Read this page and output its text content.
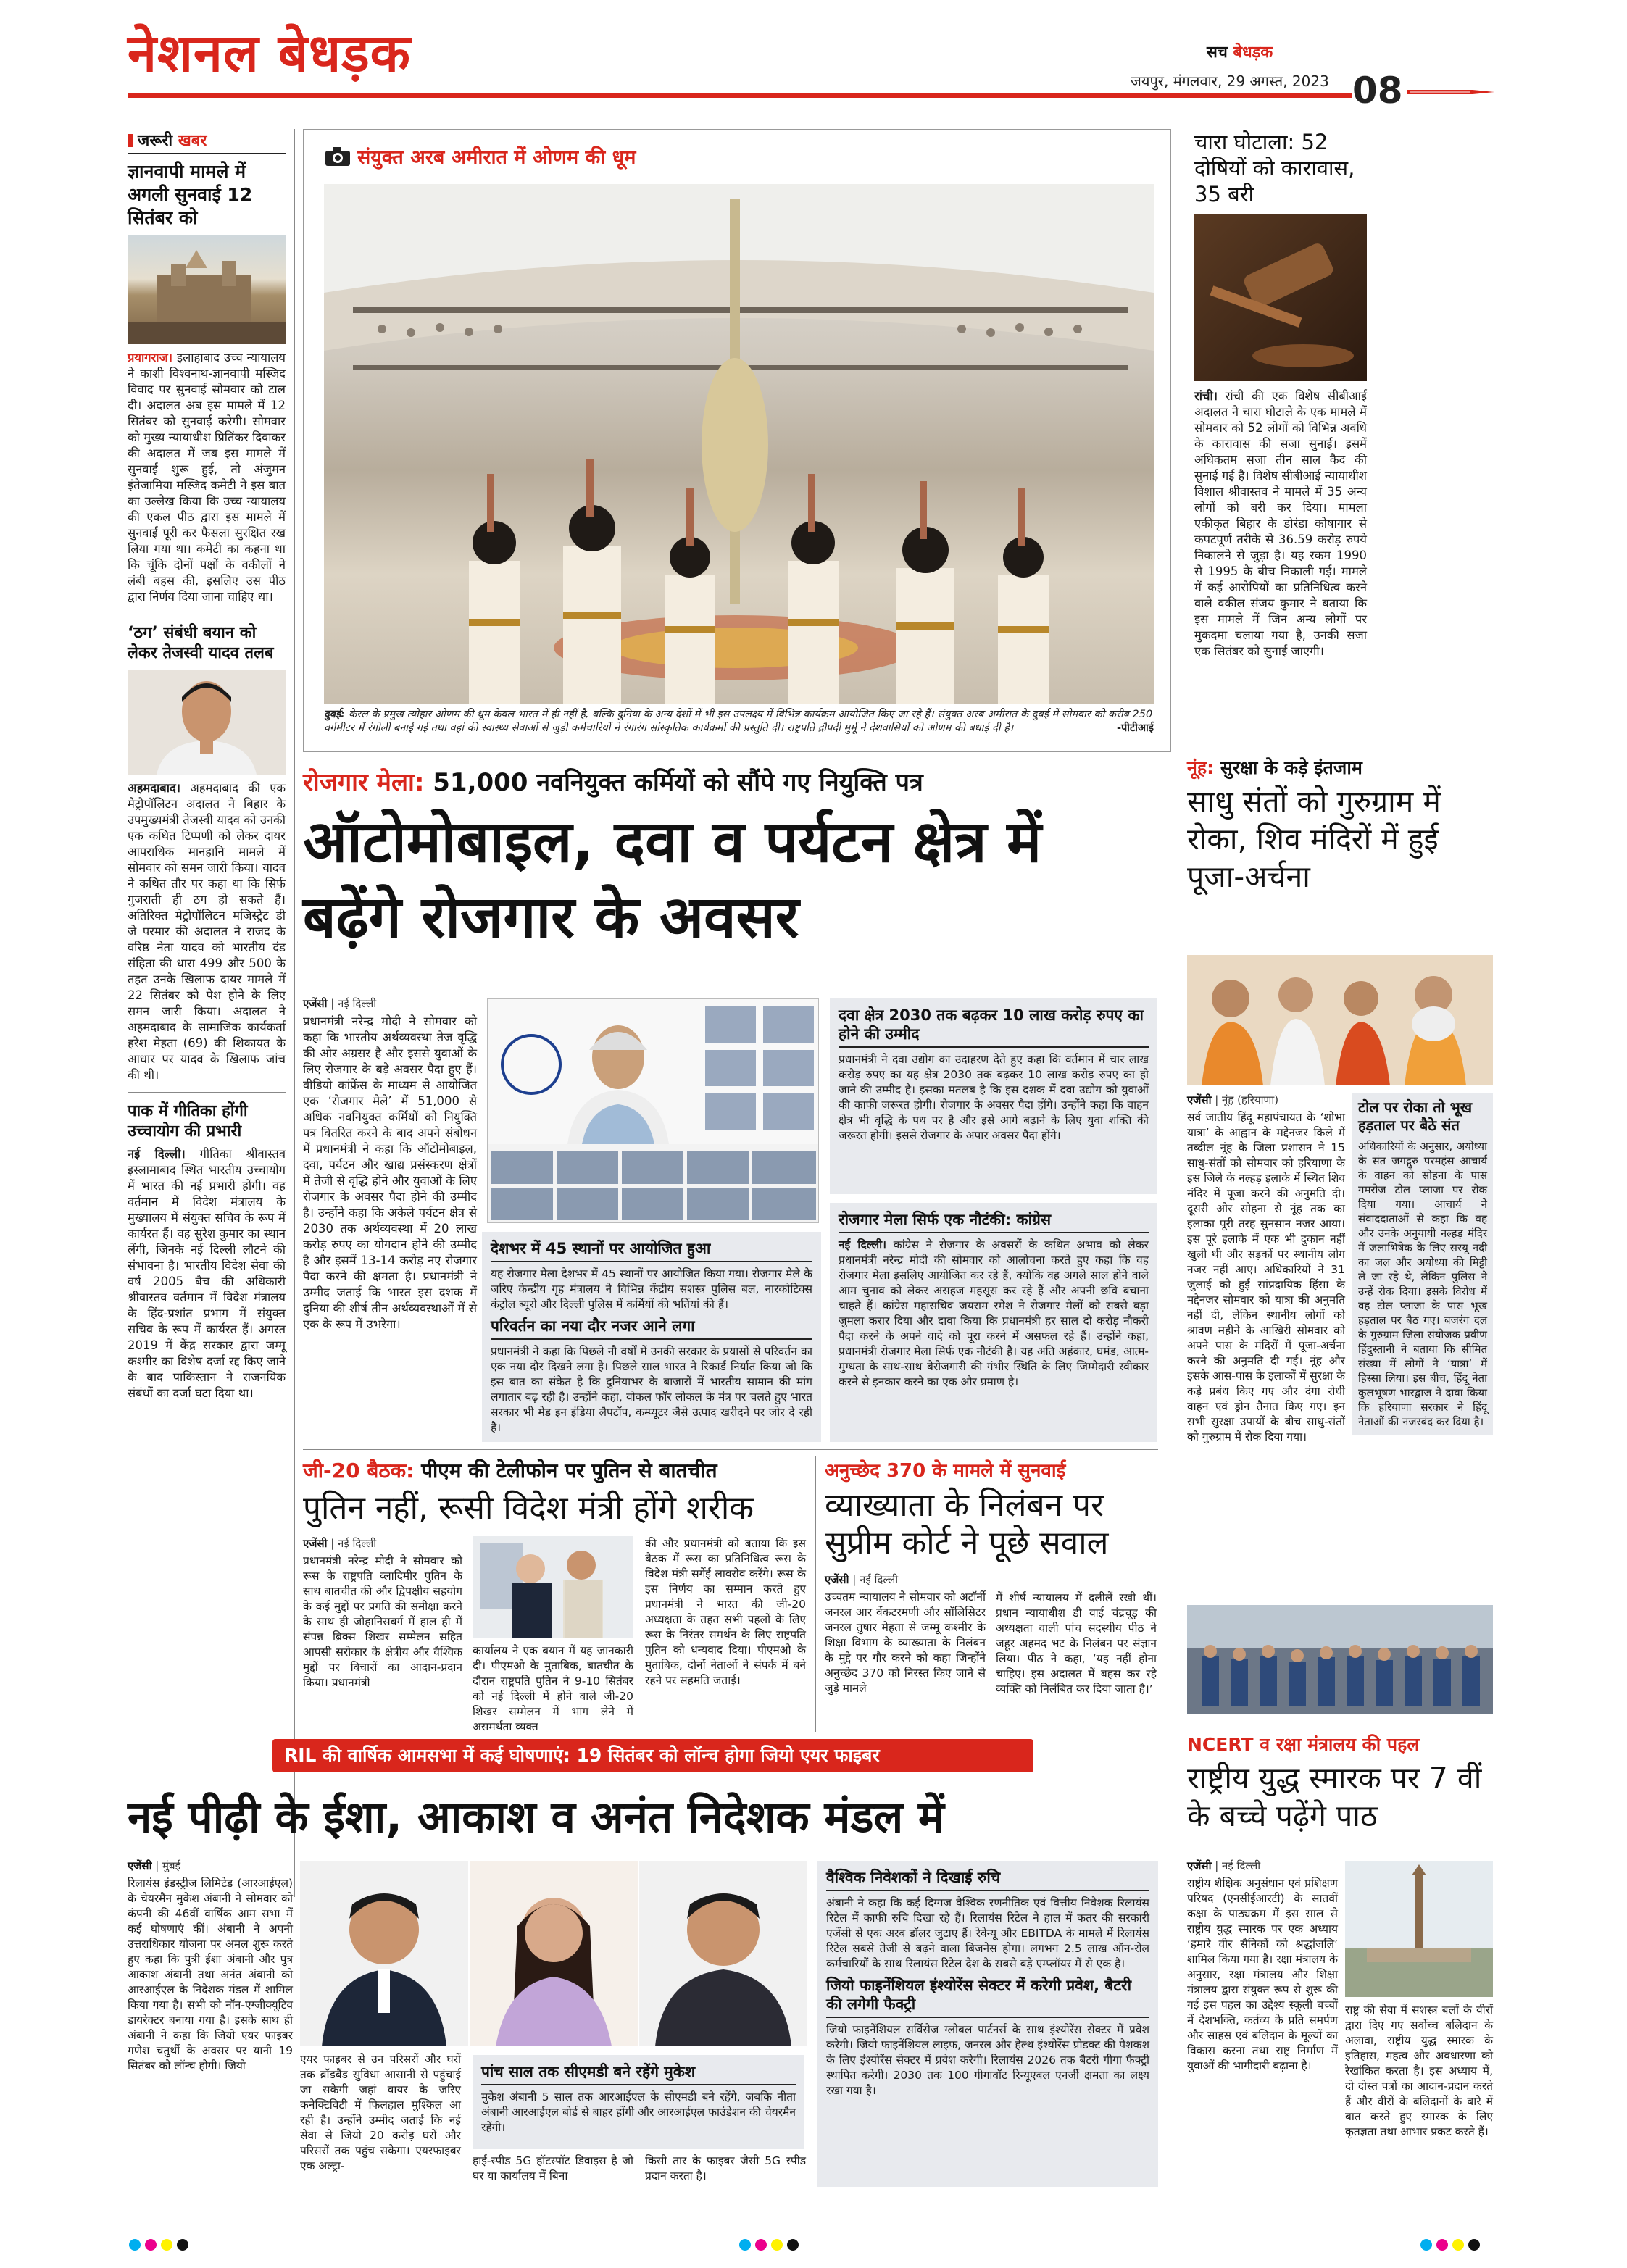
नेशनल बेधड़क	सच बेधड़क
जयपुर, मंगलवार, 29 अगस्त, 2023 08
जरूरी खबर
ज्ञानवापी मामले में अगली सुनवाई 12 सितंबर को
प्रयागराज। इलाहाबाद उच्च न्यायालय ने काशी विश्वनाथ-ज्ञानवापी मस्जिद विवाद पर सुनवाई सोमवार को टाल दी। अदालत अब इस मामले में 12 सितंबर को सुनवाई करेगी। सोमवार को मुख्य न्यायाधीश प्रितिंकर दिवाकर की अदालत में जब इस मामले में सुनवाई शुरू हुई, तो अंजुमन इंतेजामिया मस्जिद कमेटी ने इस बात का उल्लेख किया कि उच्च न्यायालय की एकल पीठ द्वारा इस मामले में सुनवाई पूरी कर फैसला सुरक्षित रख लिया गया था। कमेटी का कहना था कि चूंकि दोनों पक्षों के वकीलों ने लंबी बहस की, इसलिए उस पीठ द्वारा निर्णय दिया जाना चाहिए था।
‘ठग’ संबंधी बयान को लेकर तेजस्वी यादव तलब
अहमदाबाद। अहमदाबाद की एक मेट्रोपॉलिटन अदालत ने बिहार के उपमुख्यमंत्री तेजस्वी यादव को उनकी एक कथित टिप्पणी को लेकर दायर आपराधिक मानहानि मामले में सोमवार को समन जारी किया। यादव ने कथित तौर पर कहा था कि सिर्फ गुजराती ही ठग हो सकते हैं। अतिरिक्त मेट्रोपॉलिटन मजिस्ट्रेट डी जे परमार की अदालत ने राजद के वरिष्ठ नेता यादव को भारतीय दंड संहिता की धारा 499 और 500 के तहत उनके खिलाफ दायर मामले में 22 सितंबर को पेश होने के लिए समन जारी किया। अदालत ने अहमदाबाद के सामाजिक कार्यकर्ता हरेश मेहता (69) की शिकायत के आधार पर यादव के खिलाफ जांच की थी।
पाक में गीतिका होंगी उच्चायोग की प्रभारी
नई दिल्ली। गीतिका श्रीवास्तव इस्लामाबाद स्थित भारतीय उच्चायोग में भारत की नई प्रभारी होंगी। वह वर्तमान में विदेश मंत्रालय के मुख्यालय में संयुक्त सचिव के रूप में कार्यरत हैं। वह सुरेश कुमार का स्थान लेंगी, जिनके नई दिल्ली लौटने की संभावना है। भारतीय विदेश सेवा की वर्ष 2005 बैच की अधिकारी श्रीवास्तव वर्तमान में विदेश मंत्रालय के हिंद-प्रशांत प्रभाग में संयुक्त सचिव के रूप में कार्यरत हैं। अगस्त 2019 में केंद्र सरकार द्वारा जम्मू कश्मीर का विशेष दर्जा रद्द किए जाने के बाद पाकिस्तान ने राजनयिक संबंधों का दर्जा घटा दिया था।
संयुक्त अरब अमीरात में ओणम की धूम
दुबई: केरल के प्रमुख त्योहार ओणम की धूम केवल भारत में ही नहीं है, बल्कि दुनिया के अन्य देशों में भी इस उपलक्ष्य में विभिन्न कार्यक्रम आयोजित किए जा रहे हैं। संयुक्त अरब अमीरात के दुबई में सोमवार को करीब 250 वर्गमीटर में रंगोली बनाई गई तथा वहां की स्वास्थ्य सेवाओं से जुड़ी कर्मचारियों ने रंगारंग सांस्कृतिक कार्यक्रमों की प्रस्तुति दी। राष्ट्रपति द्रौपदी मुर्मू ने देशवासियों को ओणम की बधाई दी है।	-पीटीआई
चारा घोटाला: 52 दोषियों को कारावास, 35 बरी
रांची। रांची की एक विशेष सीबीआई अदालत ने चारा घोटाले के एक मामले में सोमवार को 52 लोगों को विभिन्न अवधि के कारावास की सजा सुनाई। इसमें अधिकतम सजा तीन साल कैद की सुनाई गई है। विशेष सीबीआई न्यायाधीश विशाल श्रीवास्तव ने मामले में 35 अन्य लोगों को बरी कर दिया। मामला एकीकृत बिहार के डोरंडा कोषागार से कपटपूर्ण तरीके से 36.59 करोड़ रुपये निकालने से जुड़ा है। यह रकम 1990 से 1995 के बीच निकाली गई। मामले में कई आरोपियों का प्रतिनिधित्व करने वाले वकील संजय कुमार ने बताया कि इस मामले में जिन अन्य लोगों पर मुकदमा चलाया गया है, उनकी सजा एक सितंबर को सुनाई जाएगी।
रोजगार मेला: 51,000 नवनियुक्त कर्मियों को सौंपे गए नियुक्ति पत्र
ऑटोमोबाइल, दवा व पर्यटन क्षेत्र में बढ़ेंगे रोजगार के अवसर
एजेंसी | नई दिल्ली
प्रधानमंत्री नरेन्द्र मोदी ने सोमवार को कहा कि भारतीय अर्थव्यवस्था तेज वृद्धि की ओर अग्रसर है और इससे युवाओं के लिए रोजगार के बड़े अवसर पैदा हुए हैं। वीडियो कांफ्रेंस के माध्यम से आयोजित एक ‘रोजगार मेले’ में 51,000 से अधिक नवनियुक्त कर्मियों को नियुक्ति पत्र वितरित करने के बाद अपने संबोधन में प्रधानमंत्री ने कहा कि ऑटोमोबाइल, दवा, पर्यटन और खाद्य प्रसंस्करण क्षेत्रों में तेजी से वृद्धि होने और युवाओं के लिए रोजगार के अवसर पैदा होने की उम्मीद है। उन्होंने कहा कि अकेले पर्यटन क्षेत्र से 2030 तक अर्थव्यवस्था में 20 लाख करोड़ रुपए का योगदान होने की उम्मीद है और इसमें 13-14 करोड़ नए रोजगार पैदा करने की क्षमता है। प्रधानमंत्री ने उम्मीद जताई कि भारत इस दशक में दुनिया की शीर्ष तीन अर्थव्यवस्थाओं में से एक के रूप में उभरेगा।
दवा क्षेत्र 2030 तक बढ़कर 10 लाख करोड़ रुपए का होने की उम्मीद
प्रधानमंत्री ने दवा उद्योग का उदाहरण देते हुए कहा कि वर्तमान में चार लाख करोड़ रुपए का यह क्षेत्र 2030 तक बढ़कर 10 लाख करोड़ रुपए का हो जाने की उम्मीद है। इसका मतलब है कि इस दशक में दवा उद्योग को युवाओं की काफी जरूरत होगी। रोजगार के अवसर पैदा होंगे। उन्होंने कहा कि वाहन क्षेत्र भी वृद्धि के पथ पर है और इसे आगे बढ़ाने के लिए युवा शक्ति की जरूरत होगी। इससे रोजगार के अपार अवसर पैदा होंगे।
रोजगार मेला सिर्फ एक नौटंकी: कांग्रेस
नई दिल्ली। कांग्रेस ने रोजगार के अवसरों के कथित अभाव को लेकर प्रधानमंत्री नरेन्द्र मोदी की सोमवार को आलोचना करते हुए कहा कि वह रोजगार मेला इसलिए आयोजित कर रहे हैं, क्योंकि वह अगले साल होने वाले आम चुनाव को लेकर असहज महसूस कर रहे हैं और अपनी छवि बचाना चाहते हैं। कांग्रेस महासचिव जयराम रमेश ने रोजगार मेलों को सबसे बड़ा जुमला करार दिया और दावा किया कि प्रधानमंत्री हर साल दो करोड़ नौकरी पैदा करने के अपने वादे को पूरा करने में असफल रहे हैं। उन्होंने कहा, प्रधानमंत्री रोजगार मेला सिर्फ एक नौटंकी है। यह अति अहंकार, घमंड, आत्म-मुग्धता के साथ-साथ बेरोजगारी की गंभीर स्थिति के लिए जिम्मेदारी स्वीकार करने से इनकार करने का एक और प्रमाण है।
देशभर में 45 स्थानों पर आयोजित हुआ
यह रोजगार मेला देशभर में 45 स्थानों पर आयोजित किया गया। रोजगार मेले के जरिए केन्द्रीय गृह मंत्रालय ने विभिन्न केंद्रीय सशस्त्र पुलिस बल, नारकोटिक्स कंट्रोल ब्यूरो और दिल्ली पुलिस में कर्मियों की भर्तियां की हैं।
परिवर्तन का नया दौर नजर आने लगा
प्रधानमंत्री ने कहा कि पिछले नौ वर्षों में उनकी सरकार के प्रयासों से परिवर्तन का एक नया दौर दिखने लगा है। पिछले साल भारत ने रिकार्ड निर्यात किया जो कि इस बात का संकेत है कि दुनियाभर के बाजारों में भारतीय सामान की मांग लगातार बढ़ रही है। उन्होंने कहा, वोकल फॉर लोकल के मंत्र पर चलते हुए भारत सरकार भी मेड इन इंडिया लैपटॉप, कम्प्यूटर जैसे उत्पाद खरीदने पर जोर दे रही है।
जी-20 बैठक: पीएम की टेलीफोन पर पुतिन से बातचीत
पुतिन नहीं, रूसी विदेश मंत्री होंगे शरीक
एजेंसी | नई दिल्ली
प्रधानमंत्री नरेन्द्र मोदी ने सोमवार को रूस के राष्ट्रपति व्लादिमीर पुतिन के साथ बातचीत की और द्विपक्षीय सहयोग के कई मुद्दों पर प्रगति की समीक्षा करने के साथ ही जोहानिसबर्ग में हाल ही में संपन्न ब्रिक्स शिखर सम्मेलन सहित आपसी सरोकार के क्षेत्रीय और वैश्विक मुद्दों पर विचारों का आदान-प्रदान किया। प्रधानमंत्री
कार्यालय ने एक बयान में यह जानकारी दी। पीएमओ के मुताबिक, बातचीत के दौरान राष्ट्रपति पुतिन ने 9-10 सितंबर को नई दिल्ली में होने वाले जी-20 शिखर सम्मेलन में भाग लेने में असमर्थता व्यक्त
की और प्रधानमंत्री को बताया कि इस बैठक में रूस का प्रतिनिधित्व रूस के विदेश मंत्री सर्गेई लावरोव करेंगे। रूस के इस निर्णय का सम्मान करते हुए प्रधानमंत्री ने भारत की जी-20 अध्यक्षता के तहत सभी पहलों के लिए रूस के निरंतर समर्थन के लिए राष्ट्रपति पुतिन को धन्यवाद दिया। पीएमओ के मुताबिक, दोनों नेताओं ने संपर्क में बने रहने पर सहमति जताई।
अनुच्छेद 370 के मामले में सुनवाई
व्याख्याता के निलंबन पर सुप्रीम कोर्ट ने पूछे सवाल
एजेंसी | नई दिल्ली
उच्चतम न्यायालय ने सोमवार को अटॉर्नी जनरल आर वेंकटरमणी और सॉलिसिटर जनरल तुषार मेहता से जम्मू कश्मीर के शिक्षा विभाग के व्याख्याता के निलंबन के मुद्दे पर गौर करने को कहा जिन्होंने अनुच्छेद 370 को निरस्त किए जाने से जुड़े मामले
में शीर्ष न्यायालय में दलीलें रखी थीं। प्रधान न्यायाधीश डी वाई चंद्रचूड़ की अध्यक्षता वाली पांच सदस्यीय पीठ ने जहूर अहमद भट के निलंबन पर संज्ञान लिया। पीठ ने कहा, ‘यह नहीं होना चाहिए। इस अदालत में बहस कर रहे व्यक्ति को निलंबित कर दिया जाता है।’
नूंह: सुरक्षा के कड़े इंतजाम
साधु संतों को गुरुग्राम में रोका, शिव मंदिरों में हुई पूजा-अर्चना
एजेंसी | नूंह (हरियाणा)
सर्व जातीय हिंदू महापंचायत के ‘शोभा यात्रा’ के आह्वान के मद्देनजर किले में तब्दील नूंह के जिला प्रशासन ने 15 साधु-संतों को सोमवार को हरियाणा के इस जिले के नल्हड़ इलाके में स्थित शिव मंदिर में पूजा करने की अनुमति दी। दूसरी ओर सोहना से नूंह तक का इलाका पूरी तरह सुनसान नजर आया। इस पूरे इलाके में एक भी दुकान नहीं खुली थी और सड़कों पर स्थानीय लोग नजर नहीं आए। अधिकारियों ने 31 जुलाई को हुई सांप्रदायिक हिंसा के मद्देनजर सोमवार को यात्रा की अनुमति नहीं दी, लेकिन स्थानीय लोगों को श्रावण महीने के आखिरी सोमवार को अपने पास के मंदिरों में पूजा-अर्चना करने की अनुमति दी गई। नूंह और इसके आस-पास के इलाकों में सुरक्षा के कड़े प्रबंध किए गए और दंगा रोधी वाहन एवं ड्रोन तैनात किए गए। इन सभी सुरक्षा उपायों के बीच साधु-संतों को गुरुग्राम में रोक दिया गया।
टोल पर रोका तो भूख हड़ताल पर बैठे संत
अधिकारियों के अनुसार, अयोध्या के संत जगद्गुरु परमहंस आचार्य के वाहन को सोहना के पास गमरोज टोल प्लाजा पर रोक दिया गया। आचार्य ने संवाददाताओं से कहा कि वह और उनके अनुयायी नल्हड़ मंदिर में जलाभिषेक के लिए सरयू नदी का जल और अयोध्या की मिट्टी ले जा रहे थे, लेकिन पुलिस ने उन्हें रोक दिया। इसके विरोध में वह टोल प्लाजा के पास भूख हड़ताल पर बैठ गए। बजरंग दल के गुरुग्राम जिला संयोजक प्रवीण हिंदुस्तानी ने बताया कि सीमित संख्या में लोगों ने ‘यात्रा’ में हिस्सा लिया। इस बीच, हिंदू नेता कुलभूषण भारद्वाज ने दावा किया कि हरियाणा सरकार ने हिंदू नेताओं की नजरबंद कर दिया है।
NCERT व रक्षा मंत्रालय की पहल
राष्ट्रीय युद्ध स्मारक पर 7 वीं के बच्चे पढ़ेंगे पाठ
एजेंसी | नई दिल्ली
राष्ट्रीय शैक्षिक अनुसंधान एवं प्रशिक्षण परिषद (एनसीईआरटी) के सातवीं कक्षा के पाठ्यक्रम में इस साल से राष्ट्रीय युद्ध स्मारक पर एक अध्याय ‘हमारे वीर सैनिकों को श्रद्धांजलि’ शामिल किया गया है। रक्षा मंत्रालय के अनुसार, रक्षा मंत्रालय और शिक्षा मंत्रालय द्वारा संयुक्त रूप से शुरू की गई इस पहल का उद्देश्य स्कूली बच्चों में देशभक्ति, कर्तव्य के प्रति समर्पण और साहस एवं बलिदान के मूल्यों का विकास करना तथा राष्ट्र निर्माण में युवाओं की भागीदारी बढ़ाना है।
राष्ट्र की सेवा में सशस्त्र बलों के वीरों द्वारा दिए गए सर्वोच्च बलिदान के अलावा, राष्ट्रीय युद्ध स्मारक के इतिहास, महत्व और अवधारणा को रेखांकित करता है। इस अध्याय में, दो दोस्त पत्रों का आदान-प्रदान करते हैं और वीरों के बलिदानों के बारे में बात करते हुए स्मारक के लिए कृतज्ञता तथा आभार प्रकट करते हैं।
RIL की वार्षिक आमसभा में कई घोषणाएं: 19 सितंबर को लॉन्च होगा जियो एयर फाइबर
नई पीढ़ी के ईशा, आकाश व अनंत निदेशक मंडल में
एजेंसी | मुंबई
रिलायंस इंडस्ट्रीज लिमिटेड (आरआईएल) के चेयरमैन मुकेश अंबानी ने सोमवार को कंपनी की 46वीं वार्षिक आम सभा में कई घोषणाएं कीं। अंबानी ने अपनी उत्तराधिकार योजना पर अमल शुरू करते हुए कहा कि पुत्री ईशा अंबानी और पुत्र आकाश अंबानी तथा अनंत अंबानी को आरआईएल के निदेशक मंडल में शामिल किया गया है। सभी को नॉन-एग्जीक्यूटिव डायरेक्टर बनाया गया है। इसके साथ ही अंबानी ने कहा कि जियो एयर फाइबर गणेश चतुर्थी के अवसर पर यानी 19 सितंबर को लॉन्च होगी। जियो	एयर फाइबर से उन परिसरों और घरों तक ब्रॉडबैंड सुविधा आसानी से पहुंचाई जा सकेगी जहां वायर के जरिए कनेक्टिविटी में फिलहाल मुश्किल आ रही है। उन्होंने उम्मीद जताई कि नई सेवा से जियो 20 करोड़ घरों और परिसरों तक पहुंच सकेगा। एयरफाइबर एक अल्ट्रा-
पांच साल तक सीएमडी बने रहेंगे मुकेश
मुकेश अंबानी 5 साल तक आरआईएल के सीएमडी बने रहेंगे, जबकि नीता अंबानी आरआईएल बोर्ड से बाहर होंगी और आरआईएल फाउंडेशन की चेयरमैन रहेंगी।
हाई-स्पीड 5G हॉटस्पॉट डिवाइस है जो घर या कार्यालय में बिना
किसी तार के फाइबर जैसी 5G स्पीड प्रदान करता है।
वैश्विक निवेशकों ने दिखाई रुचि
अंबानी ने कहा कि कई दिग्गज वैश्विक रणनीतिक एवं वित्तीय निवेशक रिलायंस रिटेल में काफी रुचि दिखा रहे हैं। रिलायंस रिटेल ने हाल में कतर की सरकारी एजेंसी से एक अरब डॉलर जुटाए हैं। रेवेन्यू और EBITDA के मामले में रिलायंस रिटेल सबसे तेजी से बढ़ने वाला बिजनेस होगा। लगभग 2.5 लाख ऑन-रोल कर्मचारियों के साथ रिलायंस रिटेल देश के सबसे बड़े एम्प्लॉयर में से एक है।
जियो फाइनेंशियल इंश्योरेंस सेक्टर में करेगी प्रवेश, बैटरी की लगेगी फैक्ट्री
जियो फाइनेंशियल सर्विसेज ग्लोबल पार्टनर्स के साथ इंश्योरेंस सेक्टर में प्रवेश करेगी। जियो फाइनेंशियल लाइफ, जनरल और हेल्थ इंश्योरेंस प्रोडक्ट की पेशकश के लिए इंश्योरेंस सेक्टर में प्रवेश करेगी। रिलायंस 2026 तक बैटरी गीगा फैक्ट्री स्थापित करेगी। 2030 तक 100 गीगावॉट रिन्यूएबल एनर्जी क्षमता का लक्ष्य रखा गया है।
